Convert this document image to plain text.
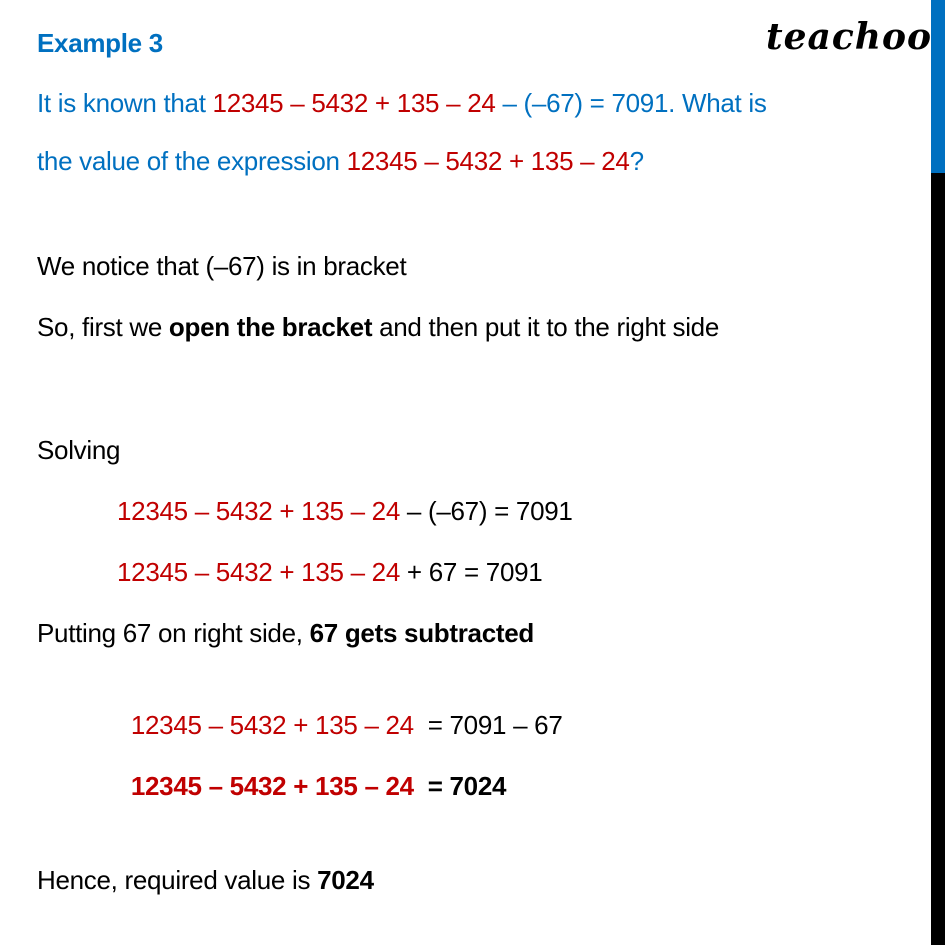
teachoo
Example 3
It is known that 12345 – 5432 + 135 – 24 – (–67) = 7091. What is
the value of the expression 12345 – 5432 + 135 – 24?
We notice that (–67) is in bracket
So, first we open the bracket and then put it to the right side
Solving
12345 – 5432 + 135 – 24 – (–67) = 7091
12345 – 5432 + 135 – 24 + 67 = 7091
Putting 67 on right side, 67 gets subtracted

12345 – 5432 + 135 – 24  = 7091 – 67

12345 – 5432 + 135 – 24  = 7024

Hence, required value is 7024
